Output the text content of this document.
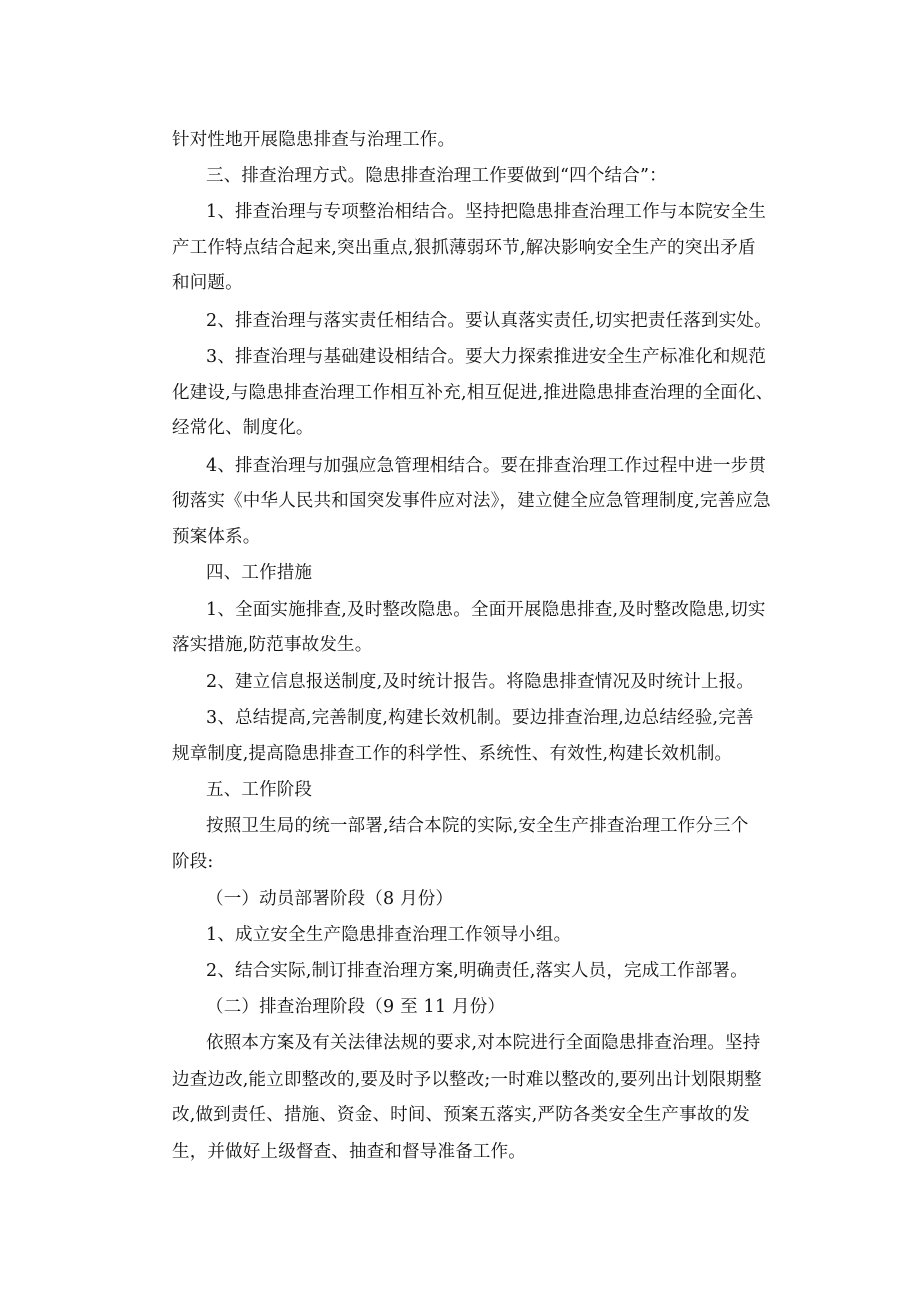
针对性地开展隐患排查与治理工作。
三、排查治理方式。隐患排查治理工作要做到“四个结合”：
1、排查治理与专项整治相结合。坚持把隐患排查治理工作与本院安全生
产工作特点结合起来,突出重点,狠抓薄弱环节,解决影响安全生产的突出矛盾
和问题。
2、排查治理与落实责任相结合。要认真落实责任,切实把责任落到实处。
3、排查治理与基础建设相结合。要大力探索推进安全生产标准化和规范
化建设,与隐患排查治理工作相互补充,相互促进,推进隐患排查治理的全面化、
经常化、制度化。
4、排查治理与加强应急管理相结合。要在排查治理工作过程中进一步贯
彻落实《中华人民共和国突发事件应对法》，建立健全应急管理制度,完善应急
预案体系。
四、工作措施
1、全面实施排查,及时整改隐患。全面开展隐患排查,及时整改隐患,切实
落实措施,防范事故发生。
2、建立信息报送制度,及时统计报告。将隐患排查情况及时统计上报。
3、总结提高,完善制度,构建长效机制。要边排查治理,边总结经验,完善
规章制度,提高隐患排查工作的科学性、系统性、有效性,构建长效机制。
五、工作阶段
按照卫生局的统一部署,结合本院的实际,安全生产排查治理工作分三个
阶段:
（一）动员部署阶段（8 月份）
1、成立安全生产隐患排查治理工作领导小组。
2、结合实际,制订排查治理方案,明确责任,落实人员，完成工作部署。
（二）排查治理阶段（9 至 11 月份）
依照本方案及有关法律法规的要求,对本院进行全面隐患排查治理。坚持
边查边改,能立即整改的,要及时予以整改;一时难以整改的,要列出计划限期整
改,做到责任、措施、资金、时间、预案五落实,严防各类安全生产事故的发
生，并做好上级督查、抽查和督导准备工作。
